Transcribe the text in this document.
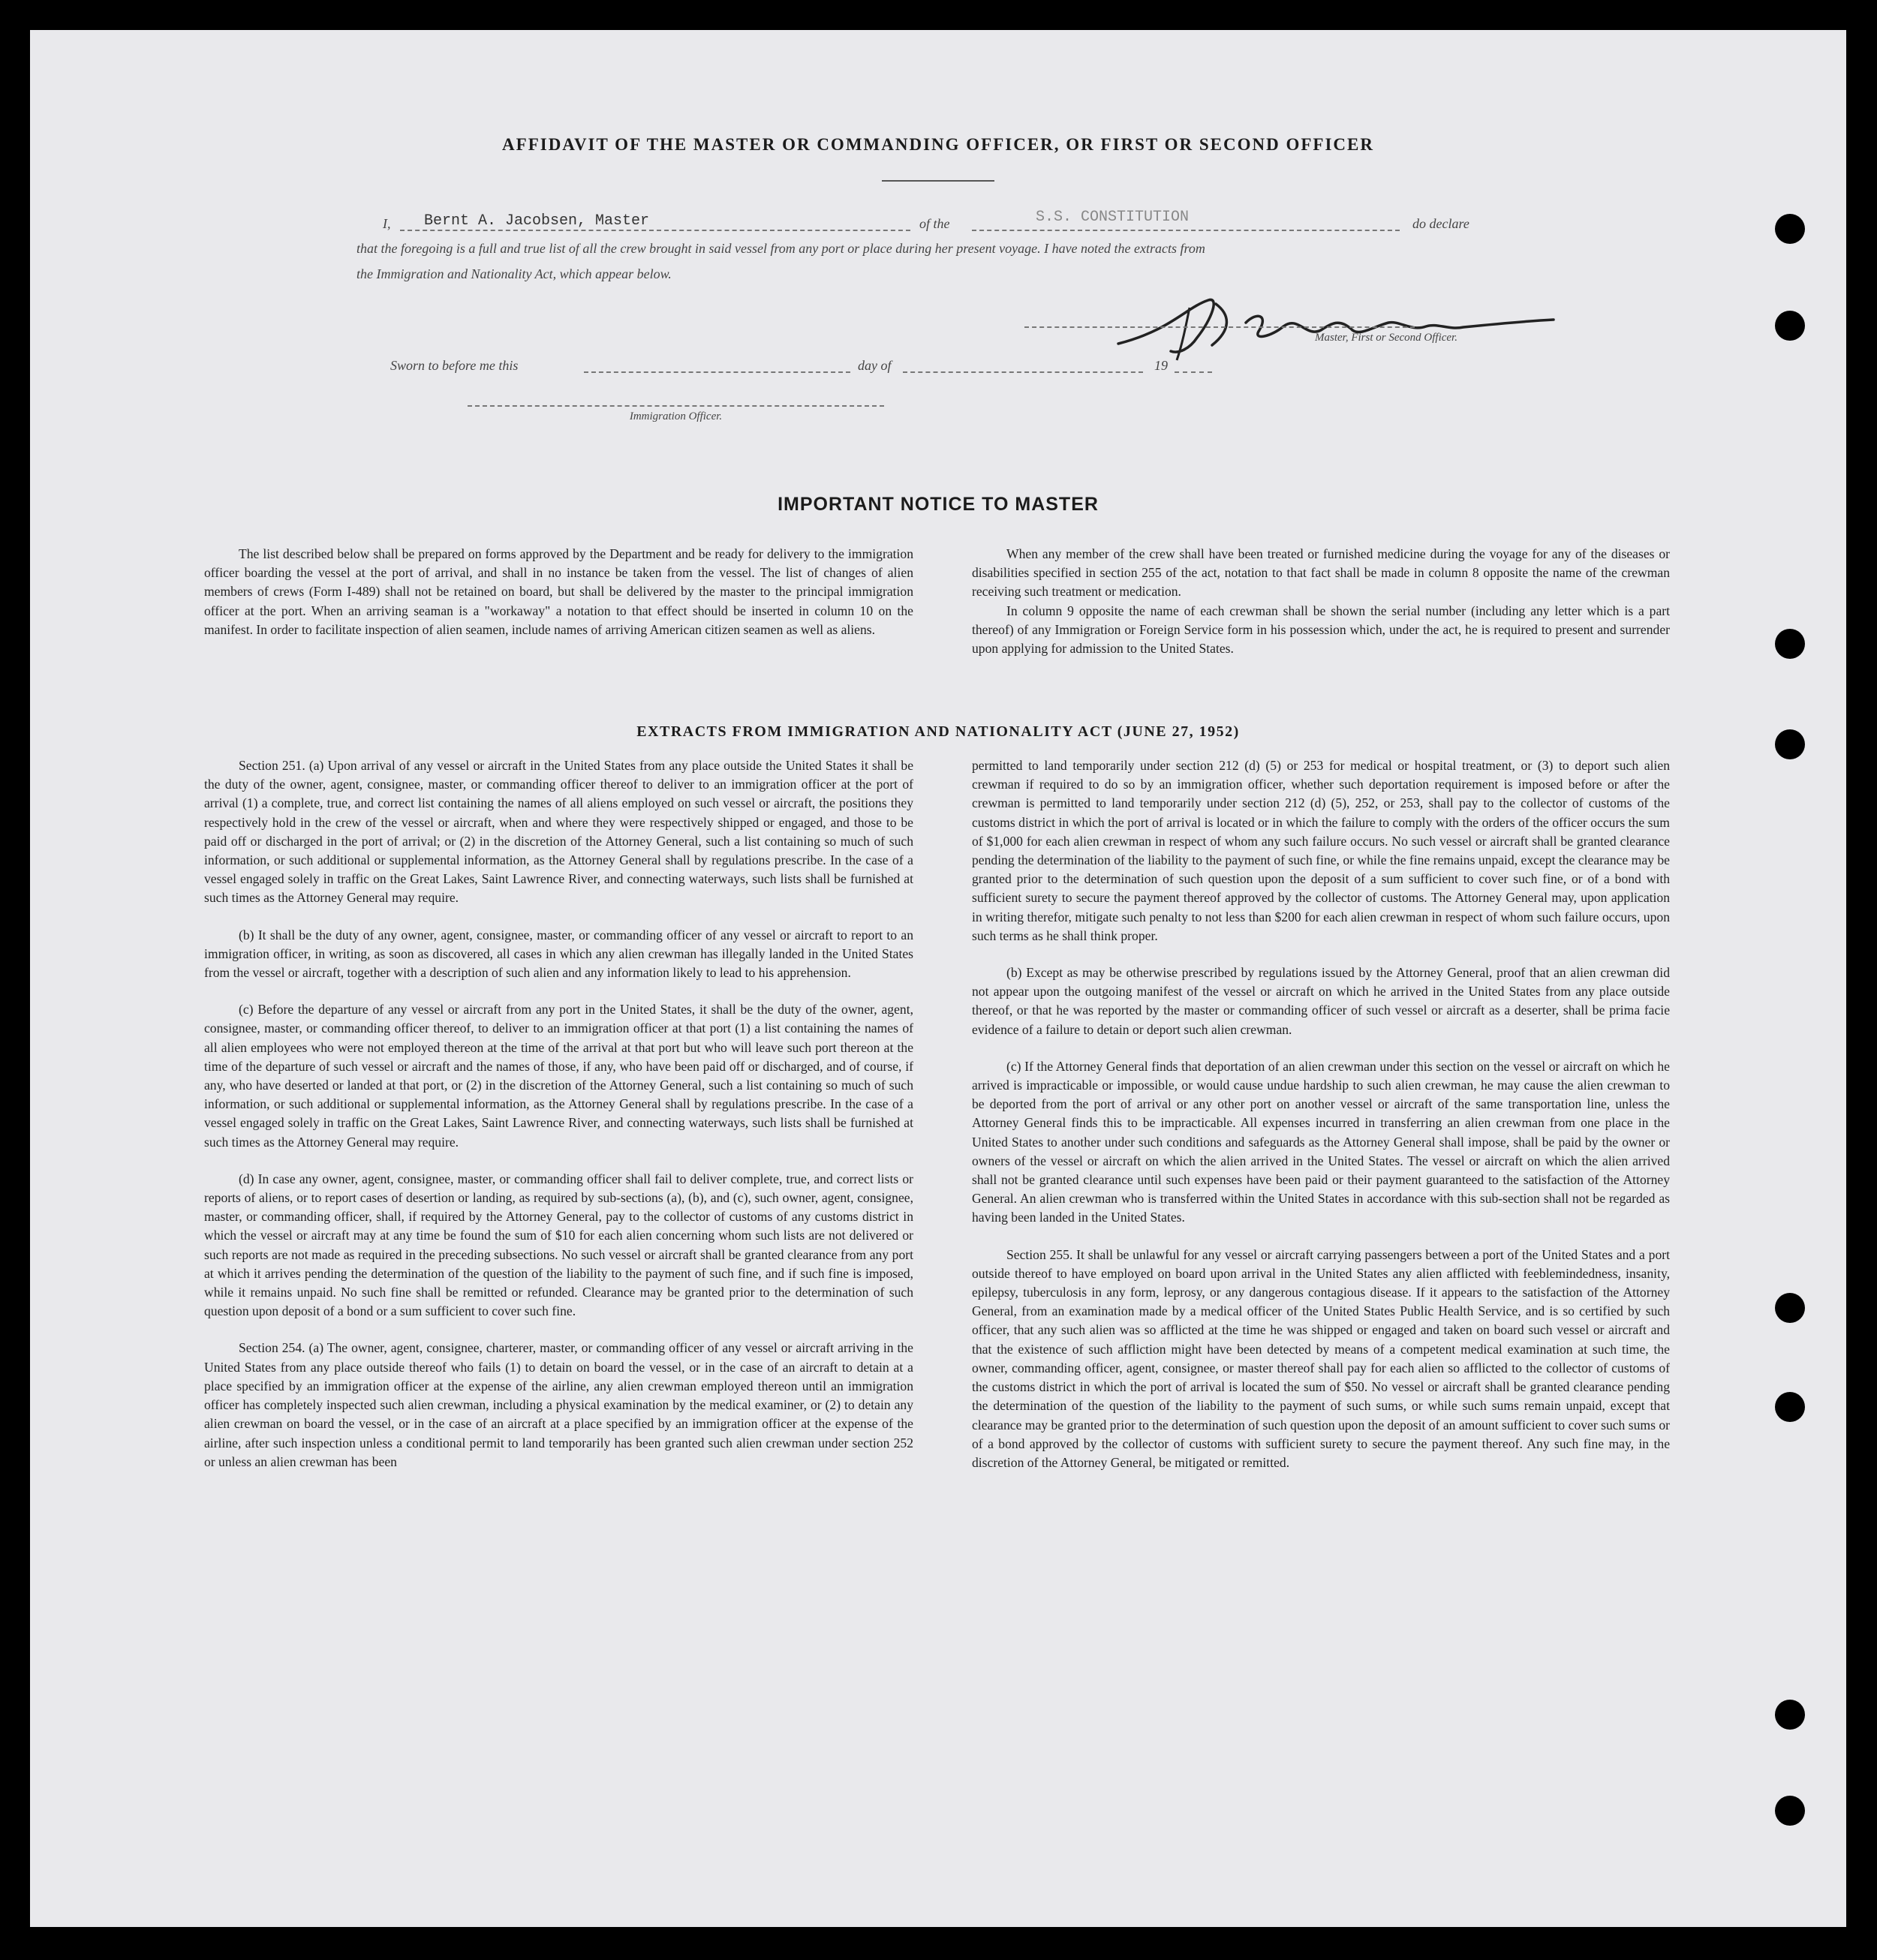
AFFIDAVIT OF THE MASTER OR COMMANDING OFFICER, OR FIRST OR SECOND OFFICER
I, Bernt A. Jacobsen, Master	of the	S.S. CONSTITUTION	do declare
that the foregoing is a full and true list of all the crew brought in said vessel from any port or place during her present voyage. I have noted the extracts from
the Immigration and Nationality Act, which appear below.
Master, First or Second Officer.
Sworn to before me this	day of	19
Immigration Officer.
IMPORTANT NOTICE TO MASTER

The list described below shall be prepared on forms approved by the Department and be ready for delivery to the immigration officer boarding the vessel at the port of arrival, and shall in no instance be taken from the vessel. The list of changes of alien members of crews (Form I-489) shall not be retained on board, but shall be delivered by the master to the principal immigration officer at the port. When an arriving seaman is a "workaway" a notation to that effect should be inserted in column 10 on the manifest. In order to facilitate inspection of alien seamen, include names of arriving American citizen seamen as well as aliens.

When any member of the crew shall have been treated or furnished medicine during the voyage for any of the diseases or disabilities specified in section 255 of the act, notation to that fact shall be made in column 8 opposite the name of the crewman receiving such treatment or medication.

In column 9 opposite the name of each crewman shall be shown the serial number (including any letter which is a part thereof) of any Immigration or Foreign Service form in his possession which, under the act, he is required to present and surrender upon applying for admission to the United States.

EXTRACTS FROM IMMIGRATION AND NATIONALITY ACT (JUNE 27, 1952)

Section 251. (a) Upon arrival of any vessel or aircraft in the United States from any place outside the United States it shall be the duty of the owner, agent, consignee, master, or commanding officer thereof to deliver to an immigration officer at the port of arrival (1) a complete, true, and correct list containing the names of all aliens employed on such vessel or aircraft, the positions they respectively hold in the crew of the vessel or aircraft, when and where they were respectively shipped or engaged, and those to be paid off or discharged in the port of arrival; or (2) in the discretion of the Attorney General, such a list containing so much of such information, or such additional or supplemental information, as the Attorney General shall by regulations prescribe. In the case of a vessel engaged solely in traffic on the Great Lakes, Saint Lawrence River, and connecting waterways, such lists shall be furnished at such times as the Attorney General may require.

(b) It shall be the duty of any owner, agent, consignee, master, or commanding officer of any vessel or aircraft to report to an immigration officer, in writing, as soon as discovered, all cases in which any alien crewman has illegally landed in the United States from the vessel or aircraft, together with a description of such alien and any information likely to lead to his apprehension.

(c) Before the departure of any vessel or aircraft from any port in the United States, it shall be the duty of the owner, agent, consignee, master, or commanding officer thereof, to deliver to an immigration officer at that port (1) a list containing the names of all alien employees who were not employed thereon at the time of the arrival at that port but who will leave such port thereon at the time of the departure of such vessel or aircraft and the names of those, if any, who have been paid off or discharged, and of course, if any, who have deserted or landed at that port, or (2) in the discretion of the Attorney General, such a list containing so much of such information, or such additional or supplemental information, as the Attorney General shall by regulations prescribe. In the case of a vessel engaged solely in traffic on the Great Lakes, Saint Lawrence River, and connecting waterways, such lists shall be furnished at such times as the Attorney General may require.

(d) In case any owner, agent, consignee, master, or commanding officer shall fail to deliver complete, true, and correct lists or reports of aliens, or to report cases of desertion or landing, as required by sub-sections (a), (b), and (c), such owner, agent, consignee, master, or commanding officer, shall, if required by the Attorney General, pay to the collector of customs of any customs district in which the vessel or aircraft may at any time be found the sum of $10 for each alien concerning whom such lists are not delivered or such reports are not made as required in the preceding subsections. No such vessel or aircraft shall be granted clearance from any port at which it arrives pending the determination of the question of the liability to the payment of such fine, and if such fine is imposed, while it remains unpaid. No such fine shall be remitted or refunded. Clearance may be granted prior to the determination of such question upon deposit of a bond or a sum sufficient to cover such fine.

Section 254. (a) The owner, agent, consignee, charterer, master, or commanding officer of any vessel or aircraft arriving in the United States from any place outside thereof who fails (1) to detain on board the vessel, or in the case of an aircraft to detain at a place specified by an immigration officer at the expense of the airline, any alien crewman employed thereon until an immigration officer has completely inspected such alien crewman, including a physical examination by the medical examiner, or (2) to detain any alien crewman on board the vessel, or in the case of an aircraft at a place specified by an immigration officer at the expense of the airline, after such inspection unless a conditional permit to land temporarily has been granted such alien crewman under section 252 or unless an alien crewman has been

permitted to land temporarily under section 212 (d) (5) or 253 for medical or hospital treatment, or (3) to deport such alien crewman if required to do so by an immigration officer, whether such deportation requirement is imposed before or after the crewman is permitted to land temporarily under section 212 (d) (5), 252, or 253, shall pay to the collector of customs of the customs district in which the port of arrival is located or in which the failure to comply with the orders of the officer occurs the sum of $1,000 for each alien crewman in respect of whom any such failure occurs. No such vessel or aircraft shall be granted clearance pending the determination of the liability to the payment of such fine, or while the fine remains unpaid, except the clearance may be granted prior to the determination of such question upon the deposit of a sum sufficient to cover such fine, or of a bond with sufficient surety to secure the payment thereof approved by the collector of customs. The Attorney General may, upon application in writing therefor, mitigate such penalty to not less than $200 for each alien crewman in respect of whom such failure occurs, upon such terms as he shall think proper.

(b) Except as may be otherwise prescribed by regulations issued by the Attorney General, proof that an alien crewman did not appear upon the outgoing manifest of the vessel or aircraft on which he arrived in the United States from any place outside thereof, or that he was reported by the master or commanding officer of such vessel or aircraft as a deserter, shall be prima facie evidence of a failure to detain or deport such alien crewman.

(c) If the Attorney General finds that deportation of an alien crewman under this section on the vessel or aircraft on which he arrived is impracticable or impossible, or would cause undue hardship to such alien crewman, he may cause the alien crewman to be deported from the port of arrival or any other port on another vessel or aircraft of the same transportation line, unless the Attorney General finds this to be impracticable. All expenses incurred in transferring an alien crewman from one place in the United States to another under such conditions and safeguards as the Attorney General shall impose, shall be paid by the owner or owners of the vessel or aircraft on which the alien arrived in the United States. The vessel or aircraft on which the alien arrived shall not be granted clearance until such expenses have been paid or their payment guaranteed to the satisfaction of the Attorney General. An alien crewman who is transferred within the United States in accordance with this sub-section shall not be regarded as having been landed in the United States.

Section 255. It shall be unlawful for any vessel or aircraft carrying passengers between a port of the United States and a port outside thereof to have employed on board upon arrival in the United States any alien afflicted with feeblemindedness, insanity, epilepsy, tuberculosis in any form, leprosy, or any dangerous contagious disease. If it appears to the satisfaction of the Attorney General, from an examination made by a medical officer of the United States Public Health Service, and is so certified by such officer, that any such alien was so afflicted at the time he was shipped or engaged and taken on board such vessel or aircraft and that the existence of such affliction might have been detected by means of a competent medical examination at such time, the owner, commanding officer, agent, consignee, or master thereof shall pay for each alien so afflicted to the collector of customs of the customs district in which the port of arrival is located the sum of $50. No vessel or aircraft shall be granted clearance pending the determination of the question of the liability to the payment of such sums, or while such sums remain unpaid, except that clearance may be granted prior to the determination of such question upon the deposit of an amount sufficient to cover such sums or of a bond approved by the collector of customs with sufficient surety to secure the payment thereof. Any such fine may, in the discretion of the Attorney General, be mitigated or remitted.
